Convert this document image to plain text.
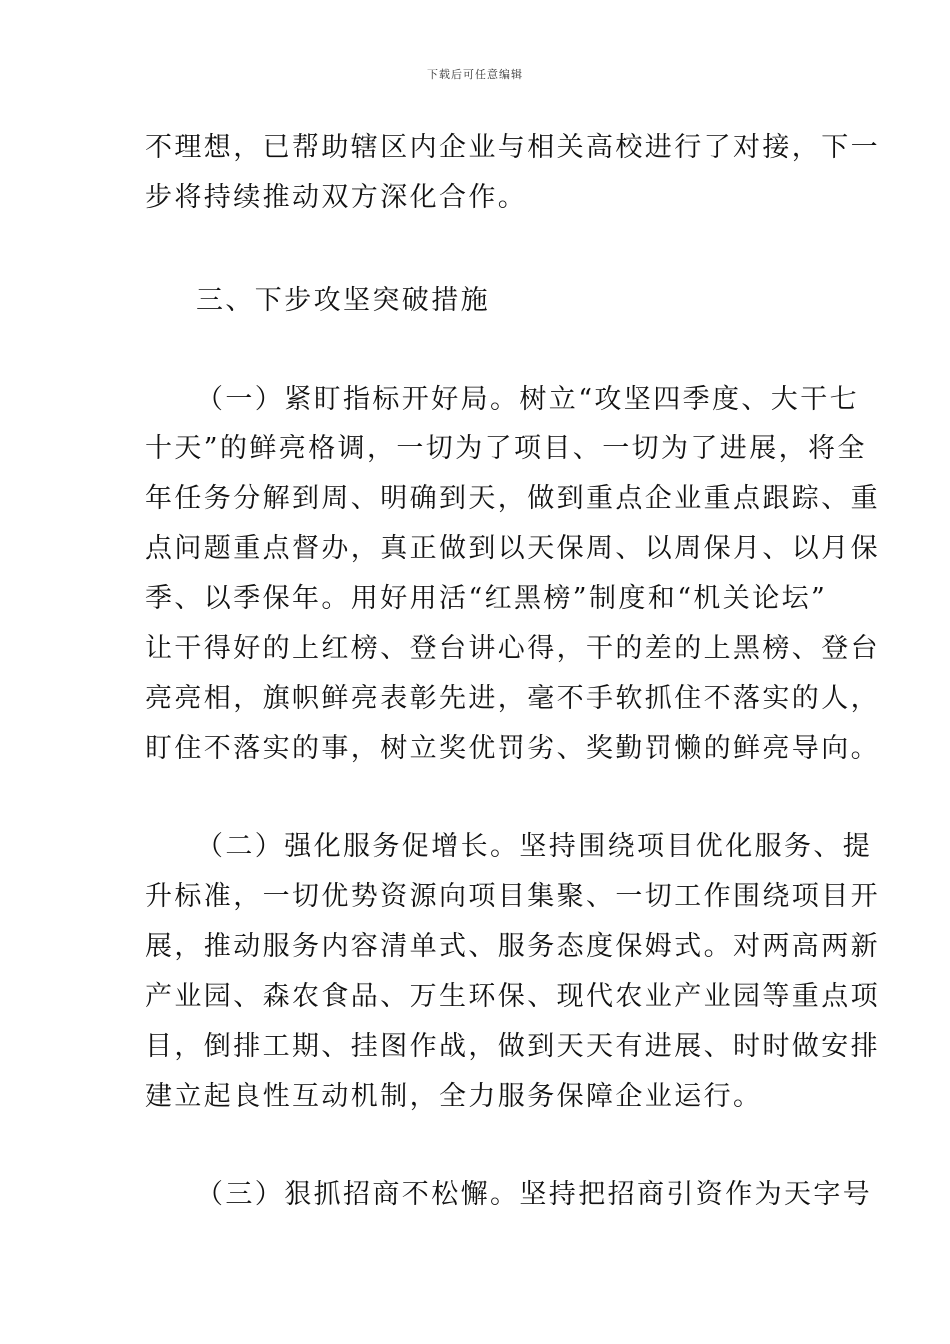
下载后可任意编辑
不理想，已帮助辖区内企业与相关高校进行了对接，下一
步将持续推动双方深化合作。
三、下步攻坚突破措施
（一）紧盯指标开好局。树立“攻坚四季度、大干七
十天”的鲜亮格调，一切为了项目、一切为了进展，将全
年任务分解到周、明确到天，做到重点企业重点跟踪、重
点问题重点督办，真正做到以天保周、以周保月、以月保
季、以季保年。用好用活“红黑榜”制度和“机关论坛”
让干得好的上红榜、登台讲心得，干的差的上黑榜、登台
亮亮相，旗帜鲜亮表彰先进，毫不手软抓住不落实的人，
盯住不落实的事，树立奖优罚劣、奖勤罚懒的鲜亮导向。
（二）强化服务促增长。坚持围绕项目优化服务、提
升标准，一切优势资源向项目集聚、一切工作围绕项目开
展，推动服务内容清单式、服务态度保姆式。对两高两新
产业园、森农食品、万生环保、现代农业产业园等重点项
目，倒排工期、挂图作战，做到天天有进展、时时做安排
建立起良性互动机制，全力服务保障企业运行。
（三）狠抓招商不松懈。坚持把招商引资作为天字号
